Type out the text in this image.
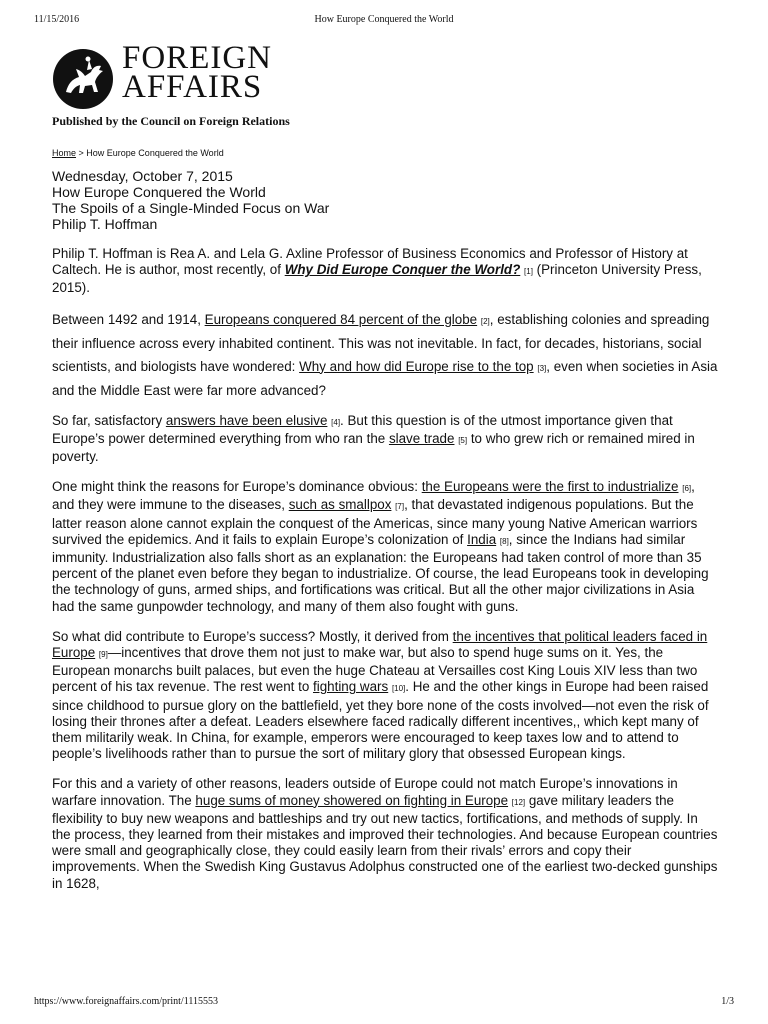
11/15/2016	How Europe Conquered the World
FOREIGN
AFFAIRS
Published by the Council on Foreign Relations
Home > How Europe Conquered the World
Wednesday, October 7, 2015
How Europe Conquered the World
The Spoils of a Single-Minded Focus on War
Philip T. Hoffman

Philip T. Hoffman is Rea A. and Lela G. Axline Professor of Business Economics and Professor of History at Caltech. He is author, most recently, of Why Did Europe Conquer the World? [1] (Princeton University Press, 2015).

Between 1492 and 1914, Europeans conquered 84 percent of the globe [2], establishing colonies and spreading their influence across every inhabited continent. This was not inevitable. In fact, for decades, historians, social scientists, and biologists have wondered: Why and how did Europe rise to the top [3], even when societies in Asia and the Middle East were far more advanced?

So far, satisfactory answers have been elusive [4]. But this question is of the utmost importance given that Europe’s power determined everything from who ran the slave trade [5] to who grew rich or remained mired in poverty.

One might think the reasons for Europe’s dominance obvious: the Europeans were the first to industrialize [6], and they were immune to the diseases, such as smallpox [7], that devastated indigenous populations. But the latter reason alone cannot explain the conquest of the Americas, since many young Native American warriors survived the epidemics. And it fails to explain Europe’s colonization of India [8], since the Indians had similar immunity. Industrialization also falls short as an explanation: the Europeans had taken control of more than 35 percent of the planet even before they began to industrialize. Of course, the lead Europeans took in developing the technology of guns, armed ships, and fortifications was critical. But all the other major civilizations in Asia had the same gunpowder technology, and many of them also fought with guns.

So what did contribute to Europe’s success? Mostly, it derived from the incentives that political leaders faced in Europe [9]—incentives that drove them not just to make war, but also to spend huge sums on it. Yes, the European monarchs built palaces, but even the huge Chateau at Versailles cost King Louis XIV less than two percent of his tax revenue. The rest went to fighting wars [10]. He and the other kings in Europe had been raised since childhood to pursue glory on the battlefield, yet they bore none of the costs involved—not even the risk of losing their thrones after a defeat. Leaders elsewhere faced radically different incentives,, which kept many of them militarily weak. In China, for example, emperors were encouraged to keep taxes low and to attend to people’s livelihoods rather than to pursue the sort of military glory that obsessed European kings.

For this and a variety of other reasons, leaders outside of Europe could not match Europe’s innovations in warfare innovation. The huge sums of money showered on fighting in Europe [12] gave military leaders the flexibility to buy new weapons and battleships and try out new tactics, fortifications, and methods of supply. In the process, they learned from their mistakes and improved their technologies. And because European countries were small and geographically close, they could easily learn from their rivals’ errors and copy their improvements. When the Swedish King Gustavus Adolphus constructed one of the earliest two-decked gunships in 1628,

https://www.foreignaffairs.com/print/1115553	1/3
